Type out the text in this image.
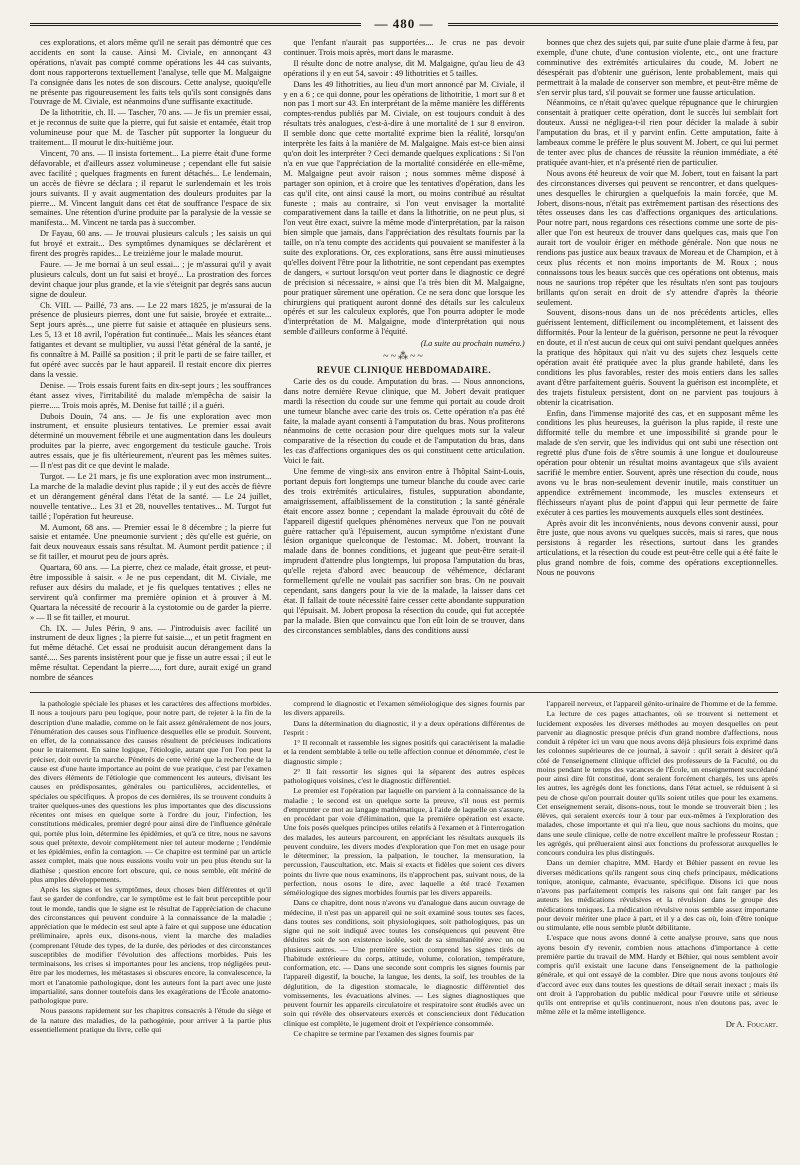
— 480 —

ces explorations, et alors même qu'il ne serait pas démontré que ces accidents en sont la cause. Ainsi M. Civiale, en annonçant 43 opérations, n'avait pas compté comme opérations les 44 cas suivants, dont nous rapporterons textuellement l'analyse, telle que M. Malgaigne l'a consignée dans les notes de son discours. Cette analyse, quoiqu'elle ne présente pas rigoureusement les faits tels qu'ils sont consignés dans l'ouvrage de M. Civiale, est néanmoins d'une suffisante exactitude.

De la lithotritie, ch. II. — Tascher, 70 ans. — Je fis un premier essai, et je reconnus de suite que la pierre, qui fut saisie et entamée, était trop volumineuse pour que M. de Tascher pût supporter la longueur du traitement... Il mourut le dix-huitième jour.

Vincent, 70 ans. — Il insista fortement... La pierre était d'une forme défavorable, et d'ailleurs assez volumineuse ; cependant elle fut saisie avec facilité ; quelques fragments en furent détachés... Le lendemain, un accès de fièvre se déclara ; il reparut le surlendemain et les trois jours suivants. Il y avait augmentation des douleurs produites par la pierre... M. Vincent languit dans cet état de souffrance l'espace de six semaines. Une rétention d'urine produite par la paralysie de la vessie se manifesta... M. Vincent ne tarda pas à succomber.

Dr Fayau, 60 ans. — Je trouvai plusieurs calculs ; les saisis un qui fut broyé et extrait... Des symptômes dynamiques se déclarèrent et firent des progrès rapides... Le treizième jour le malade mourut.

Faure. — Je me bornai à un seul essai... ; je m'assurai qu'il y avait plusieurs calculs, dont un fut saisi et broyé... La prostration des forces devint chaque jour plus grande, et la vie s'éteignit par degrés sans aucun signe de douleur.

Ch. VIII. — Paillé, 73 ans. — Le 22 mars 1825, je m'assurai de la présence de plusieurs pierres, dont une fut saisie, broyée et extraite... Sept jours après..., une pierre fut saisie et attaquée en plusieurs sens. Les 5, 13 et 18 avril, l'opération fut continuée... Mais les séances étant fatigantes et devant se multiplier, vu aussi l'état général de la santé, je fis connaître à M. Paillé sa position ; il prit le parti de se faire tailler, et fut opéré avec succès par le haut appareil. Il restait encore dix pierres dans la vessie.

Denise. — Trois essais furent faits en dix-sept jours ; les souffrances étant assez vives, l'irritabilité du malade m'empêcha de saisir la pierre..... Trois mois après, M. Denise fut taillé ; il a guéri.

Dubois Douin, 74 ans. — Je fis une exploration avec mon instrument, et ensuite plusieurs tentatives. Le premier essai avait déterminé un mouvement fébrile et une augmentation dans les douleurs produites par la pierre, avec engorgement du testicule gauche. Trois autres essais, que je fis ultérieurement, n'eurent pas les mêmes suites. — Il n'est pas dit ce que devint le malade.

Turgot. — Le 21 mars, je fis une exploration avec mon instrument... La marche de la maladie devint plus rapide ; il y eut des accès de fièvre et un dérangement général dans l'état de la santé. — Le 24 juillet, nouvelle tentative... Les 31 et 28, nouvelles tentatives... M. Turgot fut taillé ; l'opération fut heureuse.

M. Aumont, 68 ans. — Premier essai le 8 décembre ; la pierre fut saisie et entamée. Une pneumonie survient ; dès qu'elle est guérie, on fait deux nouveaux essais sans résultat. M. Aumont perdit patience ; il se fit tailler, et mourut peu de jours après.

Quartara, 60 ans. — La pierre, chez ce malade, était grosse, et peut-être impossible à saisir. « Je ne pus cependant, dit M. Civiale, me refuser aux désirs du malade, et je fis quelques tentatives ; elles ne servirent qu'à confirmer ma première opinion et à prouver à M. Quartara la nécessité de recourir à la cystotomie ou de garder la pierre. » — Il se fit tailler, et mourut.

Ch. IX. — Jules Périn, 9 ans. — J'introduisis avec facilité un instrument de deux lignes ; la pierre fut saisie..., et un petit fragment en fut même détaché. Cet essai ne produisit aucun dérangement dans la santé..... Ses parents insistèrent pour que je fisse un autre essai ; il eut le même résultat. Cependant la pierre....., fort dure, aurait exigé un grand nombre de séances

que l'enfant n'aurait pas supportées.... Je crus ne pas devoir continuer. Trois mois après, mort dans le marasme.

Il résulte donc de notre analyse, dit M. Malgaigne, qu'au lieu de 43 opérations il y en eut 54, savoir : 49 lithotrities et 5 tailles.

Dans les 49 lithotrities, au lieu d'un mort annoncé par M. Civiale, il y en a 6 ; ce qui donne, pour les opérations de lithotritie, 1 mort sur 8 et non pas 1 mort sur 43. En interprétant de la même manière les différents comptes-rendus publiés par M. Civiale, on est toujours conduit à des résultats très analogues, c'est-à-dire à une mortalité de 1 sur 8 environ. Il semble donc que cette mortalité exprime bien la réalité, lorsqu'on interprète les faits à la manière de M. Malgaigne. Mais est-ce bien ainsi qu'on doit les interpréter ? Ceci demande quelques explications : Si l'on n'a en vue que l'appréciation de la mortalité considérée en elle-même, M. Malgaigne peut avoir raison ; nous sommes même disposé à partager son opinion, et à croire que les tentatives d'opération, dans les cas qu'il cite, ont ainsi causé la mort, ou moins contribué au résultat funeste ; mais au contraire, si l'on veut envisager la mortalité comparativement dans la taille et dans la lithotritie, on ne peut plus, si l'on veut être exact, suivre la même mode d'interprétation, par la raison bien simple que jamais, dans l'appréciation des résultats fournis par la taille, on n'a tenu compte des accidents qui pouvaient se manifester à la suite des explorations. Or, ces explorations, sans être aussi minutieuses qu'elles doivent l'être pour la lithotritie, ne sont cependant pas exemptes de dangers, « surtout lorsqu'on veut porter dans le diagnostic ce degré de précision si nécessaire, » ainsi que l'a très bien dit M. Malgaigne, pour pratiquer sûrement une opération. Ce ne sera donc que lorsque les chirurgiens qui pratiquent auront donné des détails sur les calculeux opérés et sur les calculeux explorés, que l'on pourra adopter le mode d'interprétation de M. Malgaigne, mode d'interprétation qui nous semble d'ailleurs conforme à l'équité.

(La suite au prochain numéro.)

~~⁂~~

REVUE CLINIQUE HEBDOMADAIRE.

Carie des os du coude. Amputation du bras. — Nous annoncions, dans notre dernière Revue clinique, que M. Jobert devait pratiquer mardi la résection du coude sur une femme qui portait au coude droit une tumeur blanche avec carie des trois os. Cette opération n'a pas été faite, la malade ayant consenti à l'amputation du bras. Nous profiterons néanmoins de cette occasion pour dire quelques mots sur la valeur comparative de la résection du coude et de l'amputation du bras, dans les cas d'affections organiques des os qui constituent cette articulation. Voici le fait.

Une femme de vingt-six ans environ entre à l'hôpital Saint-Louis, portant depuis fort longtemps une tumeur blanche du coude avec carie des trois extrémités articulaires, fistules, suppuration abondante, amaigrissement, affaiblissement de la constitution ; la santé générale était encore assez bonne ; cependant la malade éprouvait du côté de l'appareil digestif quelques phénomènes nerveux que l'on ne pouvait guère rattacher qu'à l'épuisement, aucun symptôme n'existant d'une lésion organique quelconque de l'estomac. M. Jobert, trouvant la malade dans de bonnes conditions, et jugeant que peut-être serait-il imprudent d'attendre plus longtemps, lui proposa l'amputation du bras, qu'elle rejeta d'abord avec beaucoup de véhémence, déclarant formellement qu'elle ne voulait pas sacrifier son bras. On ne pouvait cependant, sans dangers pour la vie de la malade, la laisser dans cet état. Il fallait de toute nécessité faire cesser cette abondante suppuration qui l'épuisait. M. Jobert proposa la résection du coude, qui fut acceptée par la malade. Bien que convaincu que l'on eût loin de se trouver, dans des circonstances semblables, dans des conditions aussi

bonnes que chez des sujets qui, par suite d'une plaie d'arme à feu, par exemple, d'une chute, d'une contusion violente, etc., ont une fracture comminutive des extrémités articulaires du coude, M. Jobert ne désespérait pas d'obtenir une guérison, lente probablement, mais qui permettrait à la malade de conserver son membre, et peut-être même de s'en servir plus tard, s'il pouvait se former une fausse articulation.

Néanmoins, ce n'était qu'avec quelque répugnance que le chirurgien consentait à pratiquer cette opération, dont le succès lui semblait fort douteux. Aussi ne négligea-t-il rien pour décider la malade à subir l'amputation du bras, et il y parvint enfin. Cette amputation, faite à lambeaux comme le préfère le plus souvent M. Jobert, ce qui lui permet de tenter avec plus de chances de réussite la réunion immédiate, a été pratiquée avant-hier, et n'a présenté rien de particulier.

Nous avons été heureux de voir que M. Jobert, tout en faisant la part des circonstances diverses qui peuvent se rencontrer, et dans quelques-unes desquelles le chirurgien a quelquefois la main forcée, que M. Jobert, disons-nous, n'était pas extrêmement partisan des résections des têtes osseuses dans les cas d'affections organiques des articulations. Pour notre part, nous regardons ces résections comme une sorte de pis-aller que l'on est heureux de trouver dans quelques cas, mais que l'on aurait tort de vouloir ériger en méthode générale. Non que nous ne rendions pas justice aux beaux travaux de Moreau et de Champion, et à ceux plus récents et non moins importants de M. Roux ; nous connaissons tous les beaux succès que ces opérations ont obtenus, mais nous ne saurions trop répéter que les résultats n'en sont pas toujours brillants qu'on serait en droit de s'y attendre d'après la théorie seulement.

Souvent, disons-nous dans un de nos précédents articles, elles guérissent lentement, difficilement ou incomplètement, et laissent des difformités. Pour la lenteur de la guérison, personne ne peut la révoquer en doute, et il n'est aucun de ceux qui ont suivi pendant quelques années la pratique des hôpitaux qui n'ait vu des sujets chez lesquels cette opération avait été pratiquée avec la plus grande habileté, dans les conditions les plus favorables, rester des mois entiers dans les salles avant d'être parfaitement guéris. Souvent la guérison est incomplète, et des trajets fistuleux persistent, dont on ne parvient pas toujours à obtenir la cicatrisation.

Enfin, dans l'immense majorité des cas, et en supposant même les conditions les plus heureuses, la guérison la plus rapide, il reste une difformité telle du membre et une impossibilité si grande pour le malade de s'en servir, que les individus qui ont subi une résection ont regretté plus d'une fois de s'être soumis à une longue et douloureuse opération pour obtenir un résultat moins avantageux que s'ils avaient sacrifié le membre entier. Souvent, après une résection du coude, nous avons vu le bras non-seulement devenir inutile, mais constituer un appendice extrêmement incommode, les muscles extenseurs et fléchisseurs n'ayant plus de point d'appui qui leur permette de faire exécuter à ces parties les mouvements auxquels elles sont destinées.

Après avoir dit les inconvénients, nous devons convenir aussi, pour être juste, que nous avons vu quelques succès, mais si rares, que nous persistons à regarder les résections, surtout dans les grandes articulations, et la résection du coude est peut-être celle qui a été faite le plus grand nombre de fois, comme des opérations exceptionnelles. Nous ne pouvons

la pathologie spéciale les phases et les caractères des affections morbides. Il nous a toujours paru peu logique, pour notre part, de rejeter à la fin de la description d'une maladie, comme on le fait assez généralement de nos jours, l'énumération des causes sous l'influence desquelles elle se produit. Souvent, en effet, de la connaissance des causes résultent de précieuses indications pour le traitement. En saine logique, l'étiologie, autant que l'on l'on peut la préciser, doit ouvrir la marche. Pénétrés de cette vérité que la recherche de la cause est d'une haute importance au point de vue pratique, c'est par l'examen des divers éléments de l'étiologie que commencent les auteurs, divisant les causes en prédisposantes, générales ou particulières, accidentelles, et spéciales ou spécifiques. À propos de ces dernières, ils se trouvent conduits à traiter quelques-unes des questions les plus importantes que des discussions récentes ont mises en quelque sorte à l'ordre du jour, l'infection, les constitutions médicales, premier degré pour ainsi dire de l'influence générale qui, portée plus loin, détermine les épidémies, et qu'à ce titre, nous ne savons sous quel prétexte, devoir complètement nier tel auteur moderne ; l'endémie et les épidémies, enfin la contagion. — Ce chapitre est terminé par un article assez complet, mais que nous eussions voulu voir un peu plus étendu sur la diathèse ; question encore fort obscure, qui, ce nous semble, eût mérité de plus amples développements.

Après les signes et les symptômes, deux choses bien différentes et qu'il faut se garder de confondre, car le symptôme est le fait brut perceptible pour tout le monde, tandis que le signe est le résultat de l'appréciation de chacune des circonstances qui peuvent conduire à la connaissance de la maladie ; appréciation que le médecin est seul apte à faire et qui suppose une éducation préliminaire, après eux, disons-nous, vient la marche des maladies (comprenant l'étude des types, de la durée, des périodes et des circonstances susceptibles de modifier l'évolution des affections morbides. Puis les terminaisons, les crises si importantes pour les anciens, trop négligées peut-être par les modernes, les métastases si obscures encore, la convalescence, la mort et l'anatomie pathologique, dont les auteurs font la part avec une juste impartialité, sans donner toutefois dans les exagérations de l'École anatomo-pathologique pure.

Nous passons rapidement sur les chapitres consacrés à l'étude du siège et de la nature des maladies, de la pathogénie, pour arriver à la partie plus essentiellement pratique du livre, celle qui

comprend le diagnostic et l'examen séméiologique des signes fournis par les divers appareils.

Dans la détermination du diagnostic, il y a deux opérations différentes de l'esprit :

1° Il reconnaît et rassemble les signes positifs qui caractérisent la maladie et la rendent semblable à telle ou telle affection connue et dénommée, c'est le diagnostic simple ;

2° Il fait ressortir les signes qui la séparent des autres espèces pathologiques voisines, c'est le diagnostic différentiel.

Le premier est l'opération par laquelle on parvient à la connaissance de la maladie ; le second est un quelque sorte la preuve, s'il nous est permis d'emprunter ce mot au langage mathématique, à l'aide de laquelle on s'assure, en procédant par voie d'élimination, que la première opération est exacte. Une fois posés quelques principes utiles relatifs à l'examen et à l'interrogation des malades, les auteurs parcourent, en appréciant les résultats auxquels ils peuvent conduire, les divers modes d'exploration que l'on met en usage pour le déterminer, la pression, la palpation, le toucher, la mensuration, la percussion, l'auscultation, etc. Mais si exacts et fidèles que soient ces divers points du livre que nous examinons, ils n'approchent pas, suivant nous, de la perfection, nous osons le dire, avec laquelle a été tracé l'examen séméiologique des signes morbides fournis par les divers appareils.

Dans ce chapitre, dont nous n'avons vu d'analogue dans aucun ouvrage de médecine, il n'est pas un appareil qui ne soit examiné sous toutes ses faces, dans toutes ses conditions, soit physiologiques, soit pathologiques, pas un signe qui ne soit indiqué avec toutes les conséquences qui peuvent être déduites soit de son existence isolée, soit de sa simultanéité avec un ou plusieurs autres. — Une première section comprend les signes tirés de l'habitude extérieure du corps, attitude, volume, coloration, température, conformation, etc. — Dans une seconde sont compris les signes fournis par l'appareil digestif, la bouche, la langue, les dents, la soif, les troubles de la déglutition, de la digestion stomacale, le diagnostic différentiel des vomissements, les évacuations alvines. — Les signes diagnostiques que peuvent fournir les appareils circulatoire et respiratoire sont étudiés avec un soin qui révèle des observateurs exercés et consciencieux dont l'éducation clinique est complète, le jugement droit et l'expérience consommée.

Ce chapitre se termine par l'examen des signes fournis par

l'appareil nerveux, et l'appareil génito-urinaire de l'homme et de la femme.

La lecture de ces pages attachantes, où se trouvent si nettement et lucidement exposées les diverses méthodes au moyen desquelles on peut parvenir au diagnostic presque précis d'un grand nombre d'affections, nous conduit à répéter ici un vœu que nous avons déjà plusieurs fois exprimé dans les colonnes supérieures de ce journal, à savoir : qu'il serait à désirer qu'à côté de l'enseignement clinique officiel des professeurs de la Faculté, ou du moins pendant le temps des vacances de l'École, un enseignement succédané pour ainsi dire fût constitué, dont seraient forcément chargés, les uns après les autres, les agrégés dont les fonctions, dans l'état actuel, se réduisent à si peu de chose qu'on pourrait douter qu'ils soient utiles que pour les examens. Cet enseignement serait, disons-nous, tout le monde se trouverait bien ; les élèves, qui seraient exercés tour à tour par eux-mêmes à l'exploration des malades, chose importante et qui n'a lieu, que nous sachions du moins, que dans une seule clinique, celle de notre excellent maître le professeur Rostan ; les agrégés, qui prélueraient ainsi aux fonctions du professorat auxquelles le concours conduira les plus distingués.

Dans un dernier chapitre, MM. Hardy et Béhier passent en revue les diverses médications qu'ils rangent sous cinq chefs principaux, médications tonique, atonique, calmante, évacuante, spécifique. Disons ici que nous n'avons pas parfaitement compris les raisons qui ont fait ranger par les auteurs les médications révulsives et la révulsion dans le groupe des médications toniques. La médication révulsive nous semble assez importante pour devoir mériter une place à part, et il y a des cas où, loin d'être tonique ou stimulante, elle nous semble plutôt débilitante.

L'espace que nous avons donné à cette analyse prouve, sans que nous ayons besoin d'y revenir, combien nous attachons d'importance à cette première partie du travail de MM. Hardy et Béhier, qui nous semblent avoir compris qu'il existait une lacune dans l'enseignement de la pathologie générale, et qui ont essayé de la combler. Dire que nous avons toujours été d'accord avec eux dans toutes les questions de détail serait inexact ; mais ils ont droit à l'approbation du public médical pour l'œuvre utile et sérieuse qu'ils ont entreprise et qu'ils continueront, nous n'en doutons pas, avec le même zèle et la même intelligence.

Dr A. Foucart.
